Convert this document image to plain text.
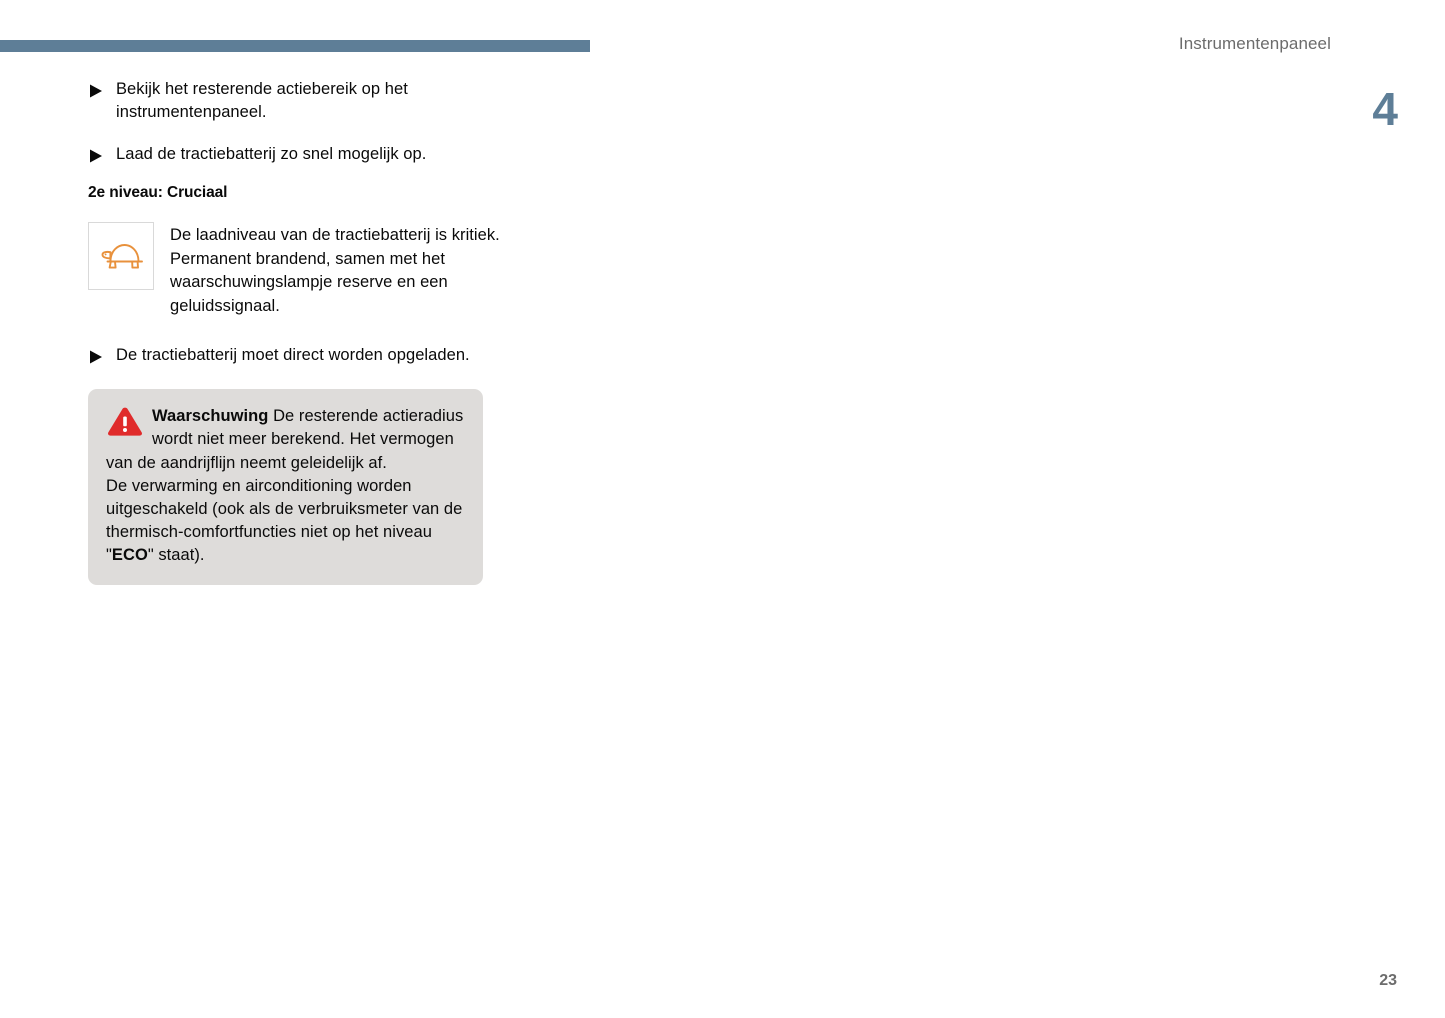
Instrumentenpaneel
4
Bekijk het resterende actiebereik op het instrumentenpaneel.
Laad de tractiebatterij zo snel mogelijk op.
2e niveau: Cruciaal
De laadniveau van de tractiebatterij is kritiek.
Permanent brandend, samen met het waarschuwingslampje reserve en een geluidssignaal.
De tractiebatterij moet direct worden opgeladen.
Waarschuwing De resterende actieradius wordt niet meer berekend. Het vermogen van de aandrijflijn neemt geleidelijk af.
De verwarming en airconditioning worden uitgeschakeld (ook als de verbruiksmeter van de thermisch-comfortfuncties niet op het niveau "ECO" staat).
23
